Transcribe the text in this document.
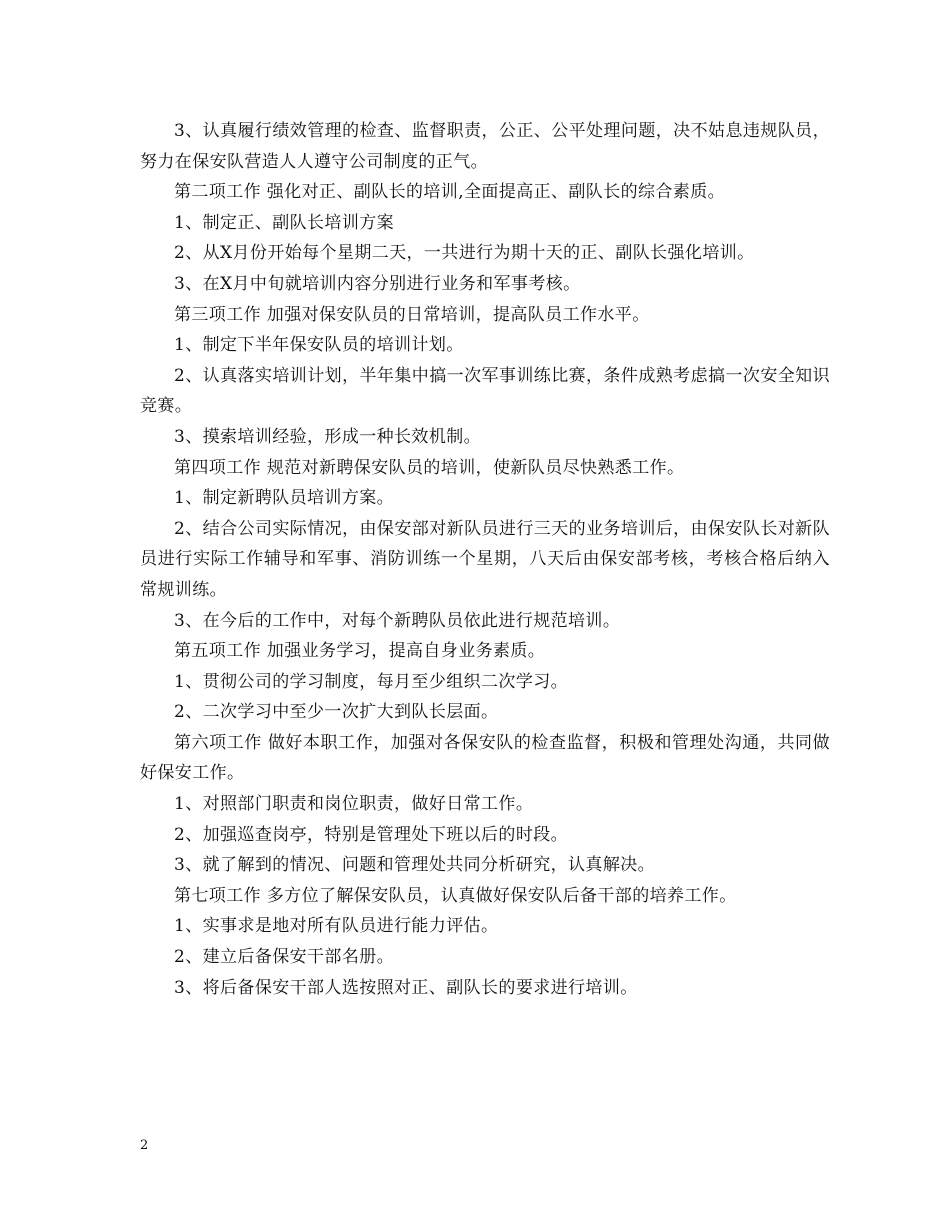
3、认真履行绩效管理的检查、监督职责，公正、公平处理问题，决不姑息违规队员，努力在保安队营造人人遵守公司制度的正气。

第二项工作 强化对正、副队长的培训,全面提高正、副队长的综合素质。

1、制定正、副队长培训方案

2、从X月份开始每个星期二天，一共进行为期十天的正、副队长强化培训。

3、在X月中旬就培训内容分别进行业务和军事考核。

第三项工作 加强对保安队员的日常培训，提高队员工作水平。

1、制定下半年保安队员的培训计划。

2、认真落实培训计划，半年集中搞一次军事训练比赛，条件成熟考虑搞一次安全知识竞赛。

3、摸索培训经验，形成一种长效机制。

第四项工作 规范对新聘保安队员的培训，使新队员尽快熟悉工作。

1、制定新聘队员培训方案。

2、结合公司实际情况，由保安部对新队员进行三天的业务培训后，由保安队长对新队员进行实际工作辅导和军事、消防训练一个星期，八天后由保安部考核，考核合格后纳入常规训练。

3、在今后的工作中，对每个新聘队员依此进行规范培训。

第五项工作 加强业务学习，提高自身业务素质。

1、贯彻公司的学习制度，每月至少组织二次学习。

2、二次学习中至少一次扩大到队长层面。

第六项工作 做好本职工作，加强对各保安队的检查监督，积极和管理处沟通，共同做好保安工作。

1、对照部门职责和岗位职责，做好日常工作。

2、加强巡查岗亭，特别是管理处下班以后的时段。

3、就了解到的情况、问题和管理处共同分析研究，认真解决。

第七项工作 多方位了解保安队员，认真做好保安队后备干部的培养工作。

1、实事求是地对所有队员进行能力评估。

2、建立后备保安干部名册。

3、将后备保安干部人选按照对正、副队长的要求进行培训。

2
